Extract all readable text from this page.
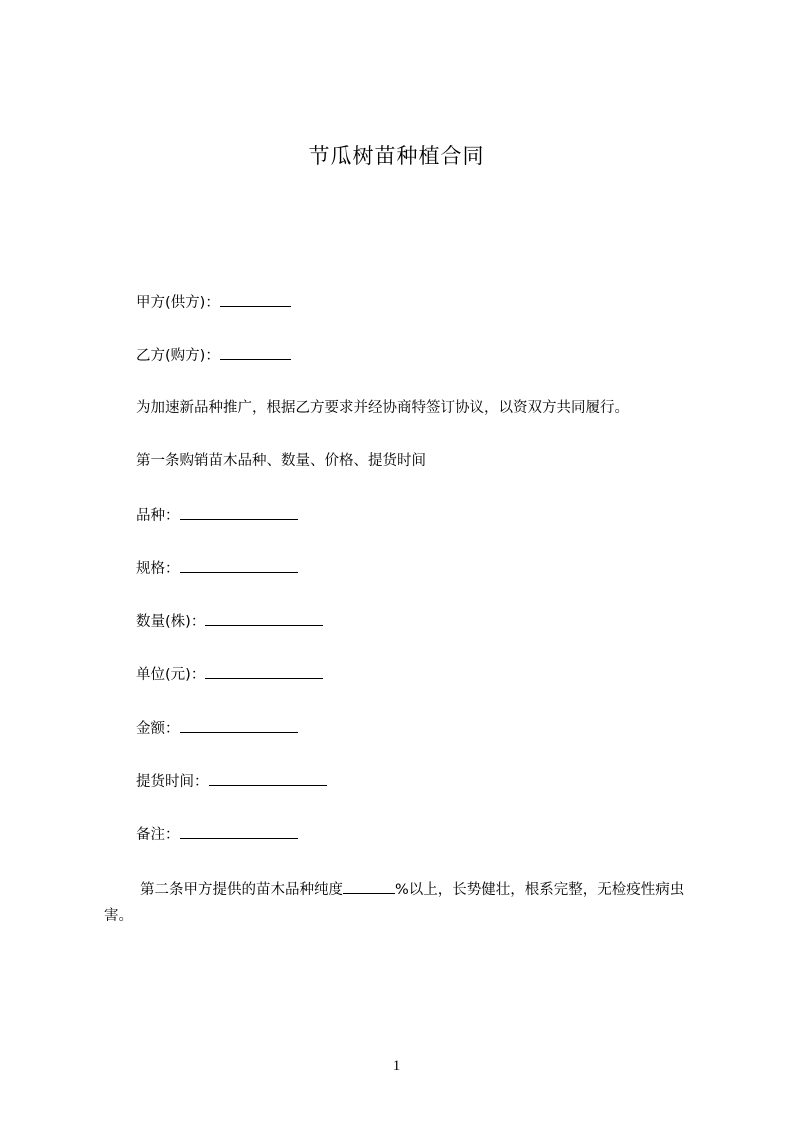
节瓜树苗种植合同
甲方(供方)：
乙方(购方)：
为加速新品种推广，根据乙方要求并经协商特签订协议，以资双方共同履行。
第一条购销苗木品种、数量、价格、提货时间
品种：
规格：
数量(株)：
单位(元)：
金额：
提货时间：
备注：
第二条甲方提供的苗木品种纯度	%以上，长势健壮，根系完整，无检疫性病虫害。
1
